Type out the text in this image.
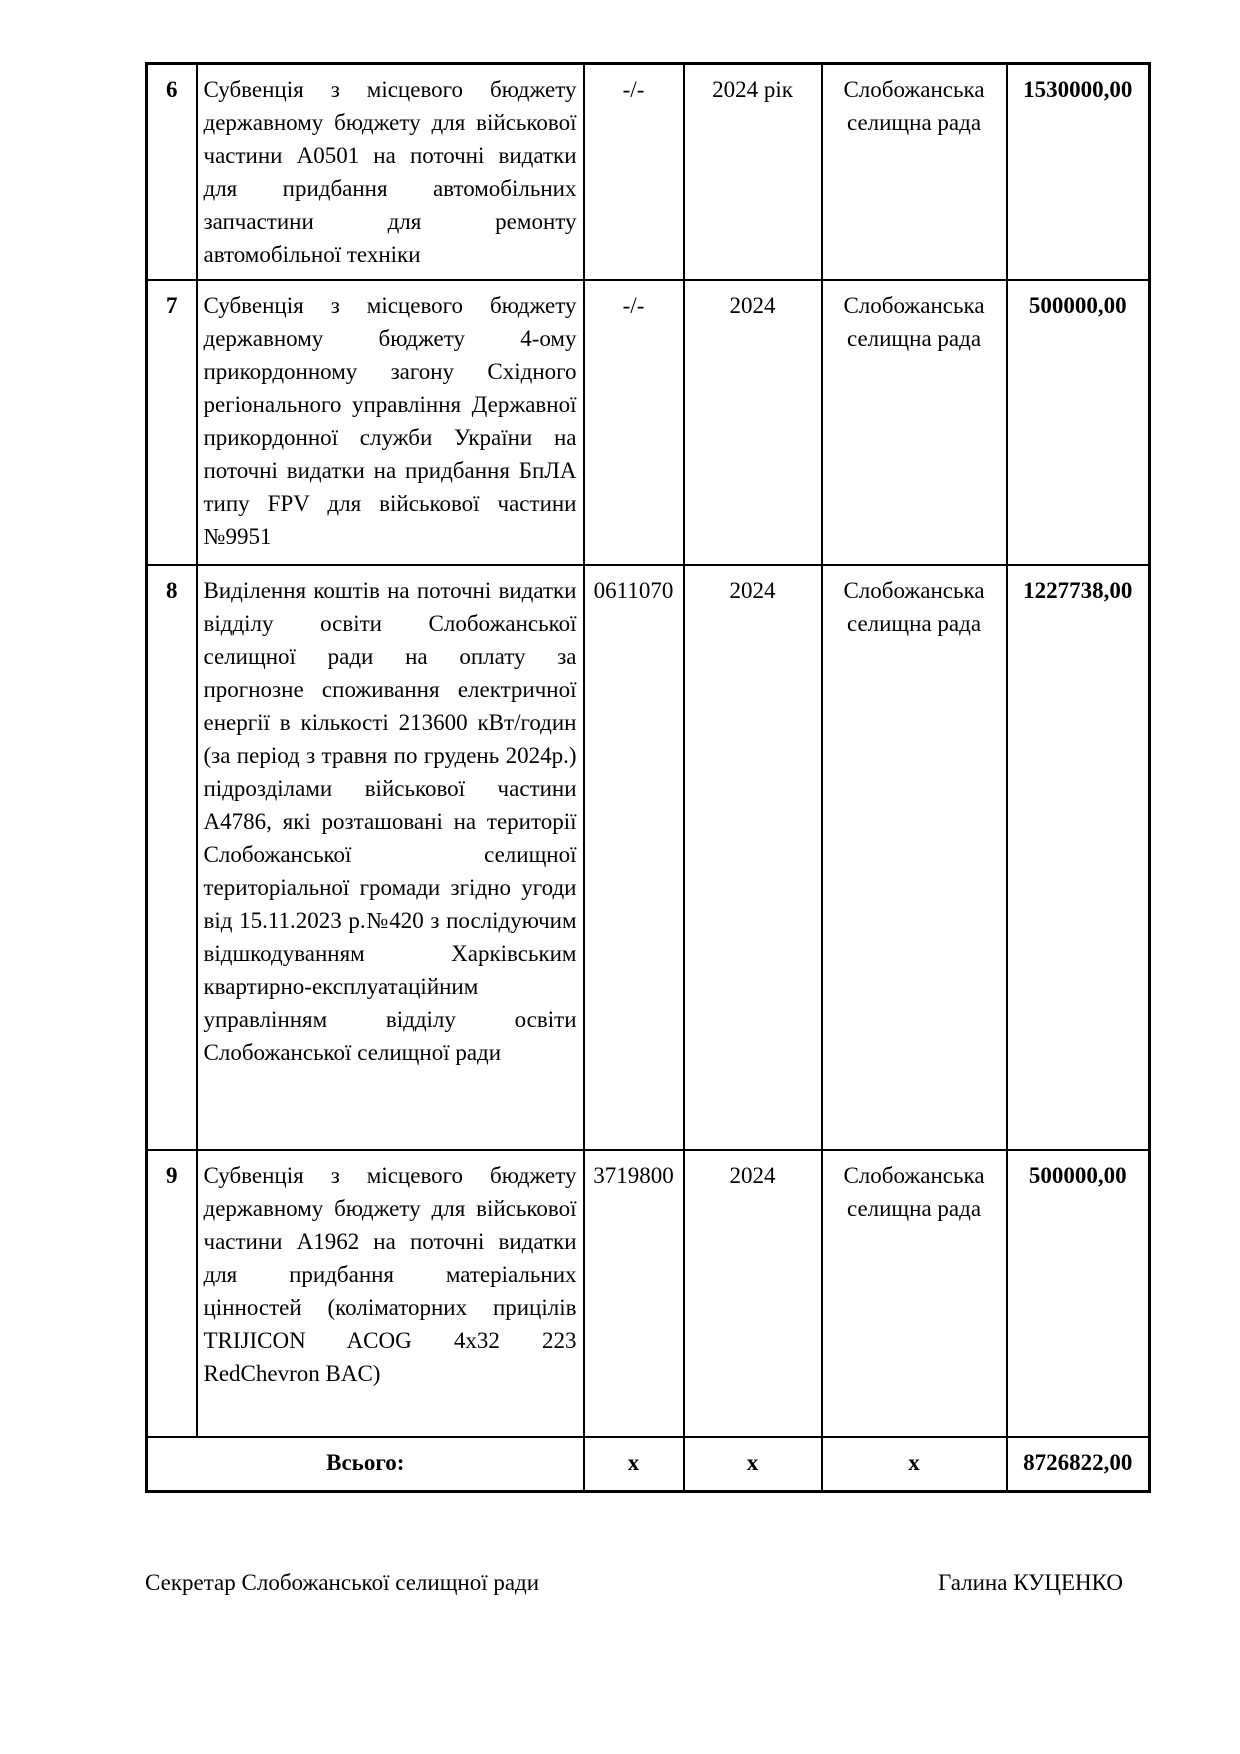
6	Субвенція з місцевого бюджету державному бюджету для військової частини А0501 на поточні видатки для придбання автомобільних запчастини для ремонту автомобільної техніки	-/-	2024 рік	Слобожанська селищна рада	1530000,00
7	Субвенція з місцевого бюджету державному бюджету 4-ому прикордонному загону Східного регіонального управління Державної прикордонної служби України на поточні видатки на придбання БпЛА типу FPV для військової частини №9951	-/-	2024	Слобожанська селищна рада	500000,00
8	Виділення коштів на поточні видатки відділу освіти Слобожанської селищної ради на оплату за прогнозне споживання електричної енергії в кількості 213600 кВт/годин (за період з травня по грудень 2024р.) підрозділами військової частини А4786, які розташовані на території Слобожанської селищної територіальної громади згідно угоди від 15.11.2023 р.№420 з послідуючим відшкодуванням Харківським квартирно-експлуатаційним управлінням відділу освіти Слобожанської селищної ради	0611070	2024	Слобожанська селищна рада	1227738,00
9	Субвенція з місцевого бюджету державному бюджету для військової частини А1962 на поточні видатки для придбання матеріальних цінностей (коліматорних прицілів TRIJICON ACOG 4x32 223 RedChevron BAC)	3719800	2024	Слобожанська селищна рада	500000,00
Всього:		x	x	x	8726822,00
Секретар Слобожанської селищної ради	Галина КУЦЕНКО
